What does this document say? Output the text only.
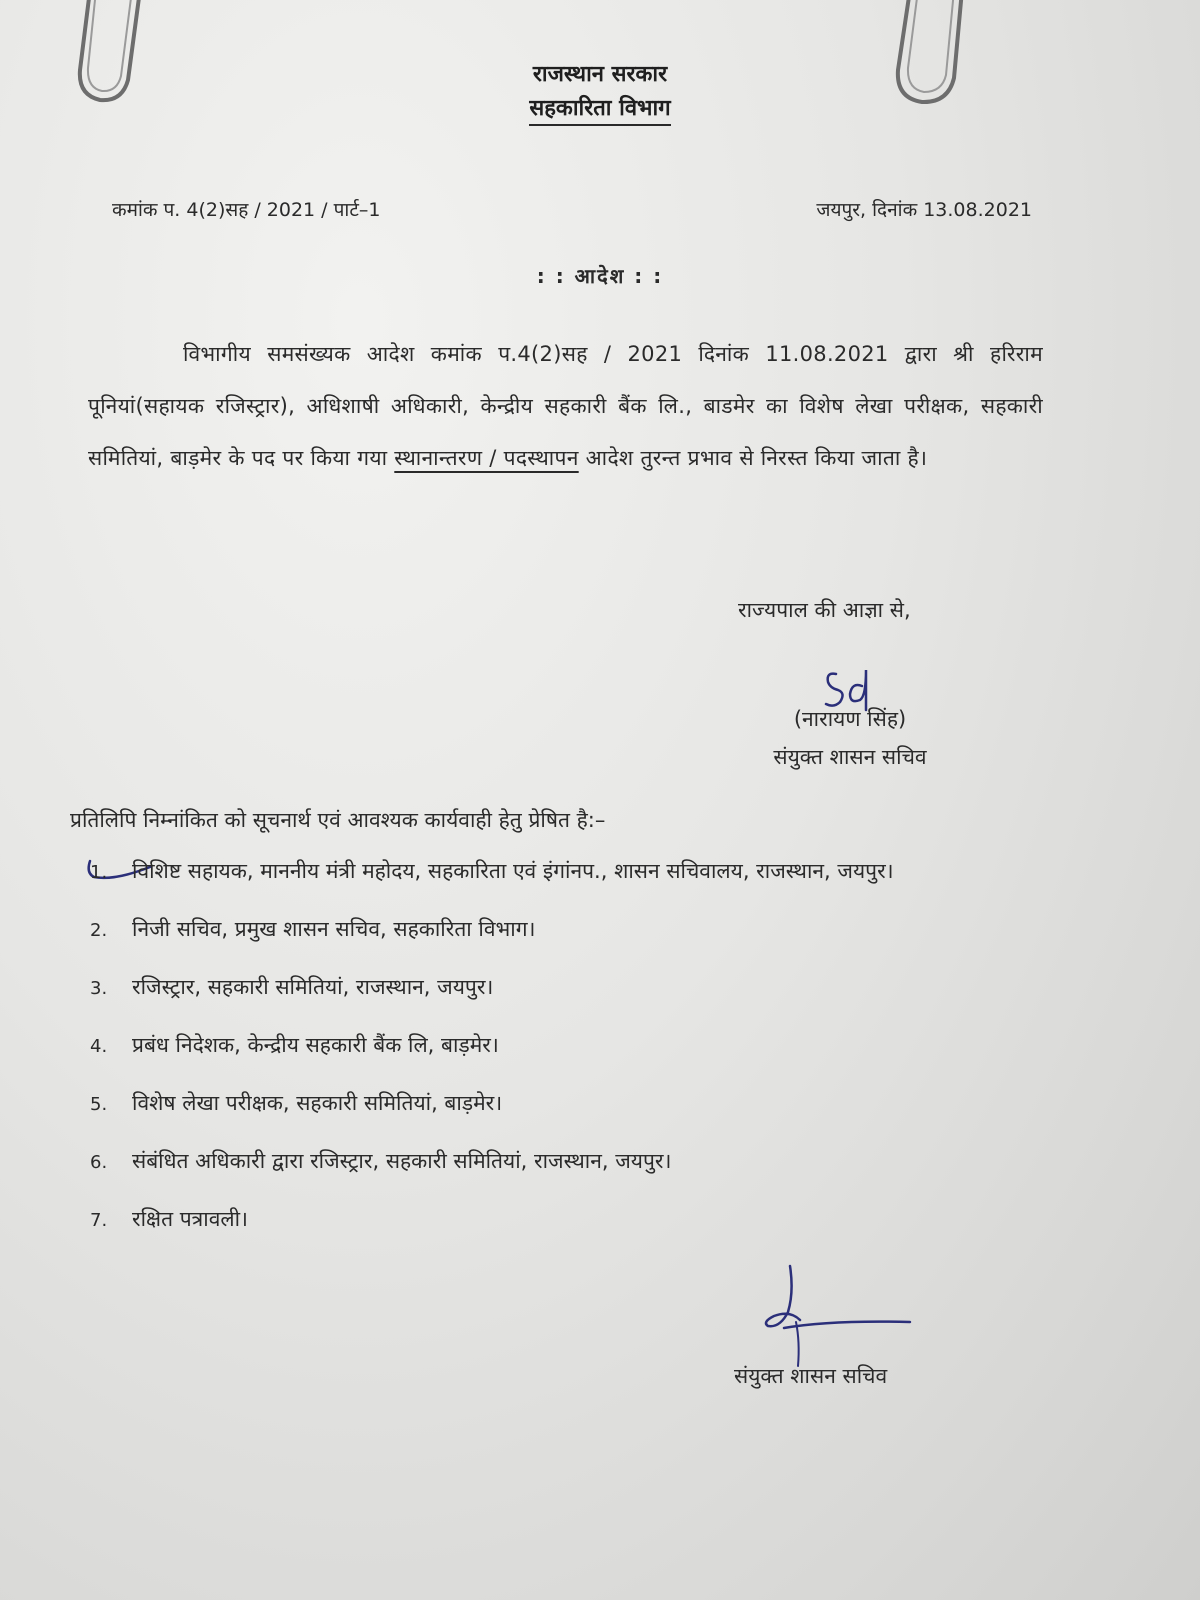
राजस्थान सरकार
सहकारिता विभाग
कमांक प. 4(2)सह / 2021 / पार्ट–1	जयपुर, दिनांक 13.08.2021
: : आदेश : :
विभागीय समसंख्यक आदेश कमांक प.4(2)सह / 2021 दिनांक 11.08.2021 द्वारा श्री हरिराम पूनियां(सहायक रजिस्ट्रार), अधिशाषी अधिकारी, केन्द्रीय सहकारी बैंक लि., बाडमेर का विशेष लेखा परीक्षक, सहकारी समितियां, बाड़मेर के पद पर किया गया स्थानान्तरण / पदस्थापन आदेश तुरन्त प्रभाव से निरस्त किया जाता है।
राज्यपाल की आज्ञा से,
(नारायण सिंह)
संयुक्त शासन सचिव
प्रतिलिपि निम्नांकित को सूचनार्थ एवं आवश्यक कार्यवाही हेतु प्रेषित है:–
1.	विशिष्ट सहायक, माननीय मंत्री महोदय, सहकारिता एवं इंगांनप., शासन सचिवालय, राजस्थान, जयपुर।
2.	निजी सचिव, प्रमुख शासन सचिव, सहकारिता विभाग।
3.	रजिस्ट्रार, सहकारी समितियां, राजस्थान, जयपुर।
4.	प्रबंध निदेशक, केन्द्रीय सहकारी बैंक लि, बाड़मेर।
5.	विशेष लेखा परीक्षक, सहकारी समितियां, बाड़मेर।
6.	संबंधित अधिकारी द्वारा रजिस्ट्रार, सहकारी समितियां, राजस्थान, जयपुर।
7.	रक्षित पत्रावली।
संयुक्त शासन सचिव
